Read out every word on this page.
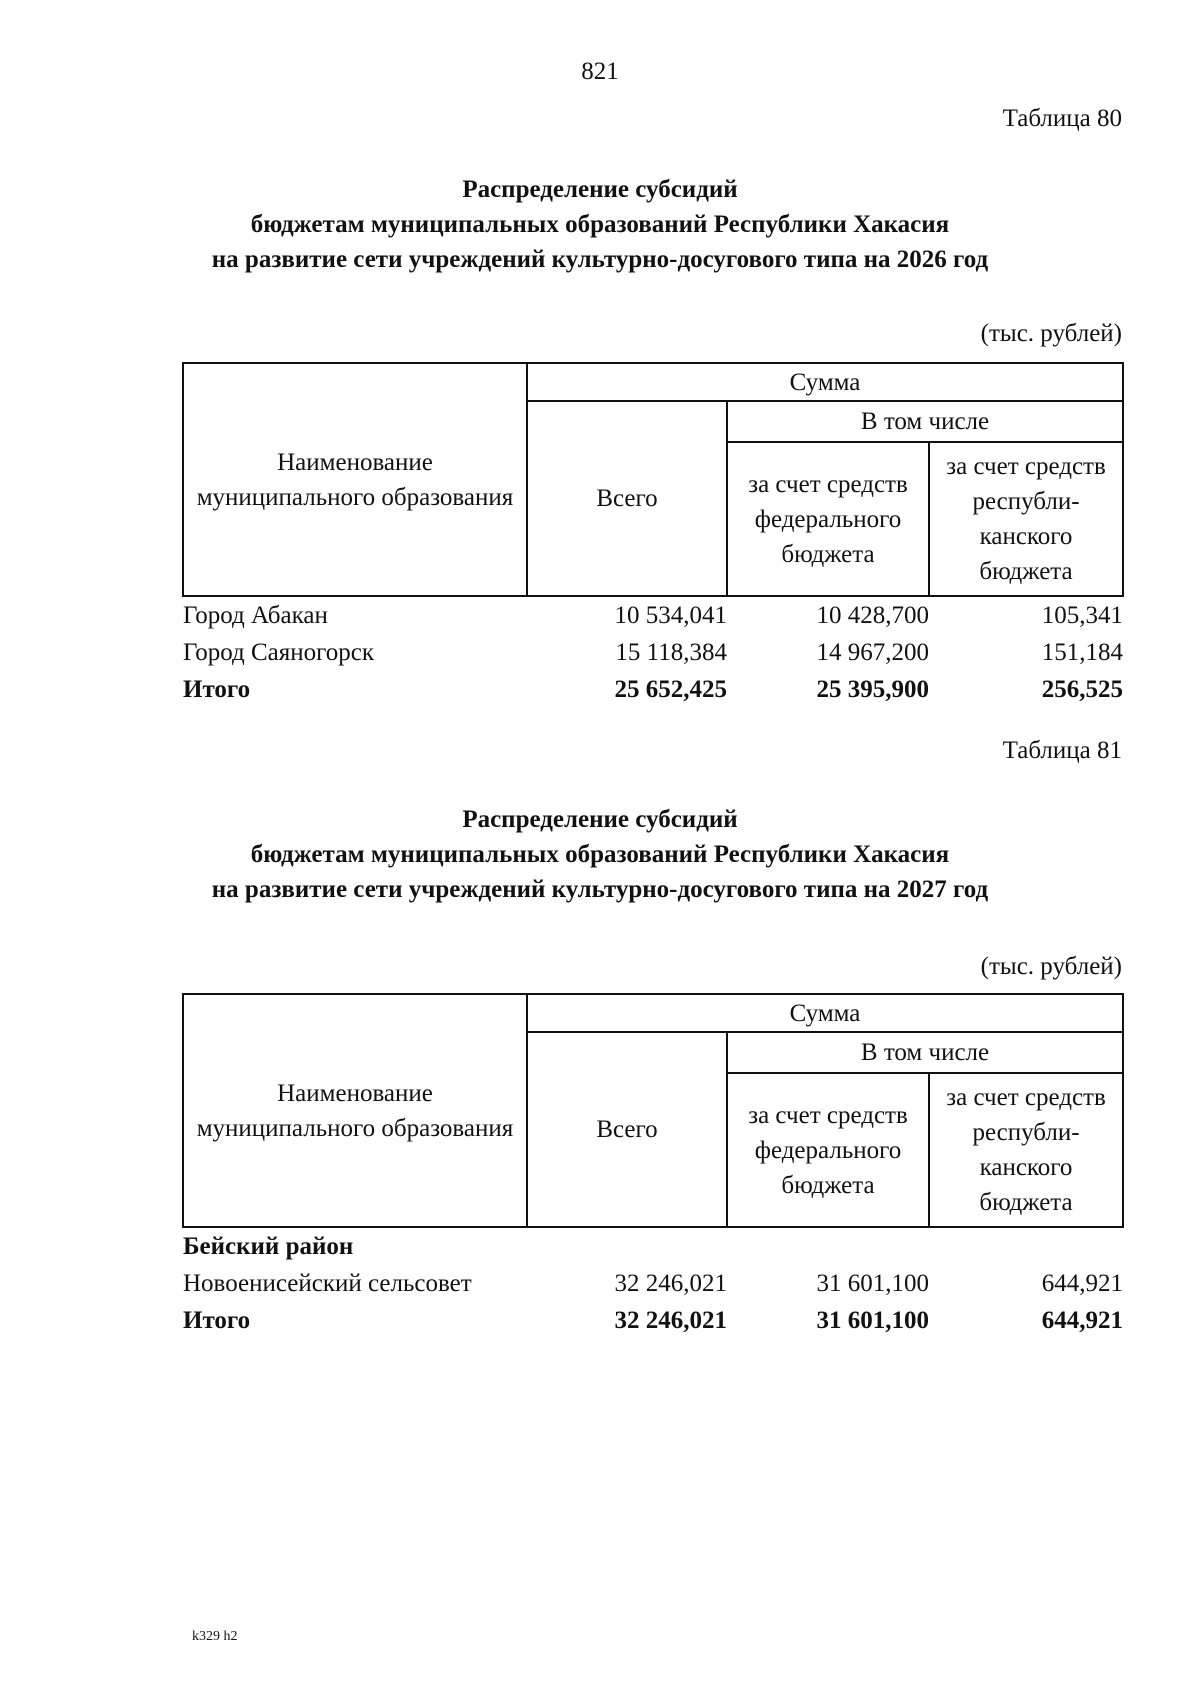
821
Таблица 80
Распределение субсидий
бюджетам муниципальных образований Республики Хакасия
на развитие сети учреждений культурно-досугового типа на 2026 год
(тыс. рублей)
Наименование муниципального образования	Сумма		
	Всего	В том числе	
		за счет средств федерального бюджета	за счет средств республи-канского бюджета
Город Абакан	10 534,041	10 428,700	105,341
Город Саяногорск	15 118,384	14 967,200	151,184
Итого	25 652,425	25 395,900	256,525
Таблица 81
Распределение субсидий
бюджетам муниципальных образований Республики Хакасия
на развитие сети учреждений культурно-досугового типа на 2027 год
(тыс. рублей)
Наименование муниципального образования	Сумма		
	Всего	В том числе	
		за счет средств федерального бюджета	за счет средств республи-канского бюджета
Бейский район			
Новоенисейский сельсовет	32 246,021	31 601,100	644,921
Итого	32 246,021	31 601,100	644,921
k329 h2
